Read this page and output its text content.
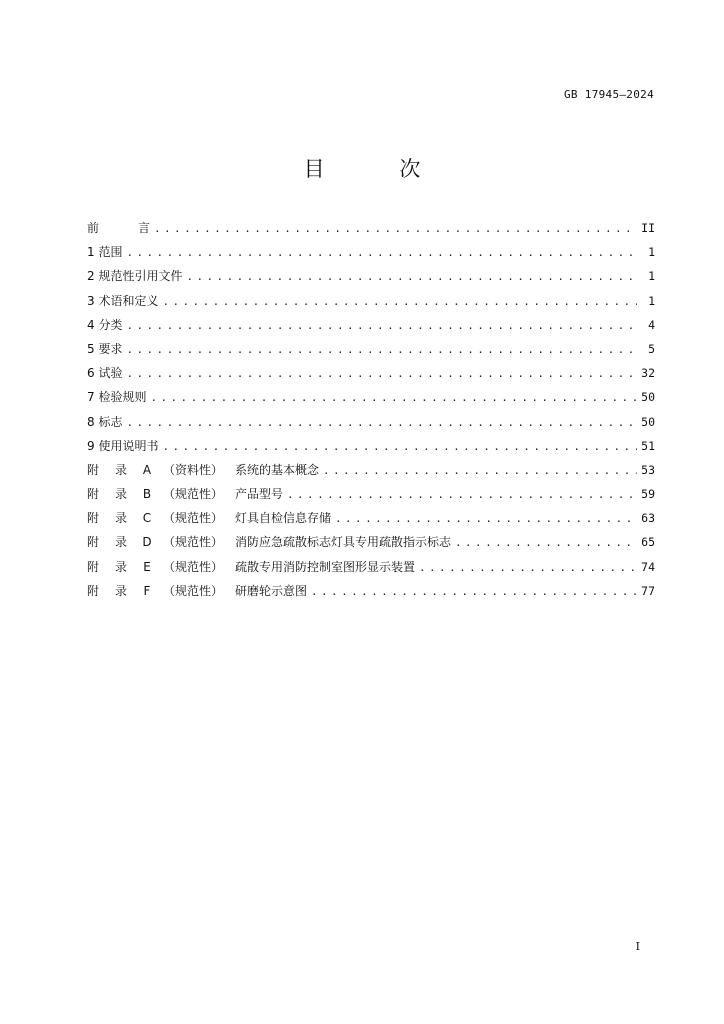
GB 17945—2024
目 次
前 言 .....	II
1 范围 .....	1
2 规范性引用文件 .....	1
3 术语和定义 .....	1
4 分类 .....	4
5 要求 .....	5
6 试验 .....	32
7 检验规则 .....	50
8 标志 .....	50
9 使用说明书 .....	51
附 录 A （资料性） 系统的基本概念 .....	53
附 录 B （规范性） 产品型号 .....	59
附 录 C （规范性） 灯具自检信息存储 .....	63
附 录 D （规范性） 消防应急疏散标志灯具专用疏散指示标志 .....	65
附 录 E （规范性） 疏散专用消防控制室图形显示装置 .....	74
附 录 F （规范性） 研磨轮示意图 .....	77
I
